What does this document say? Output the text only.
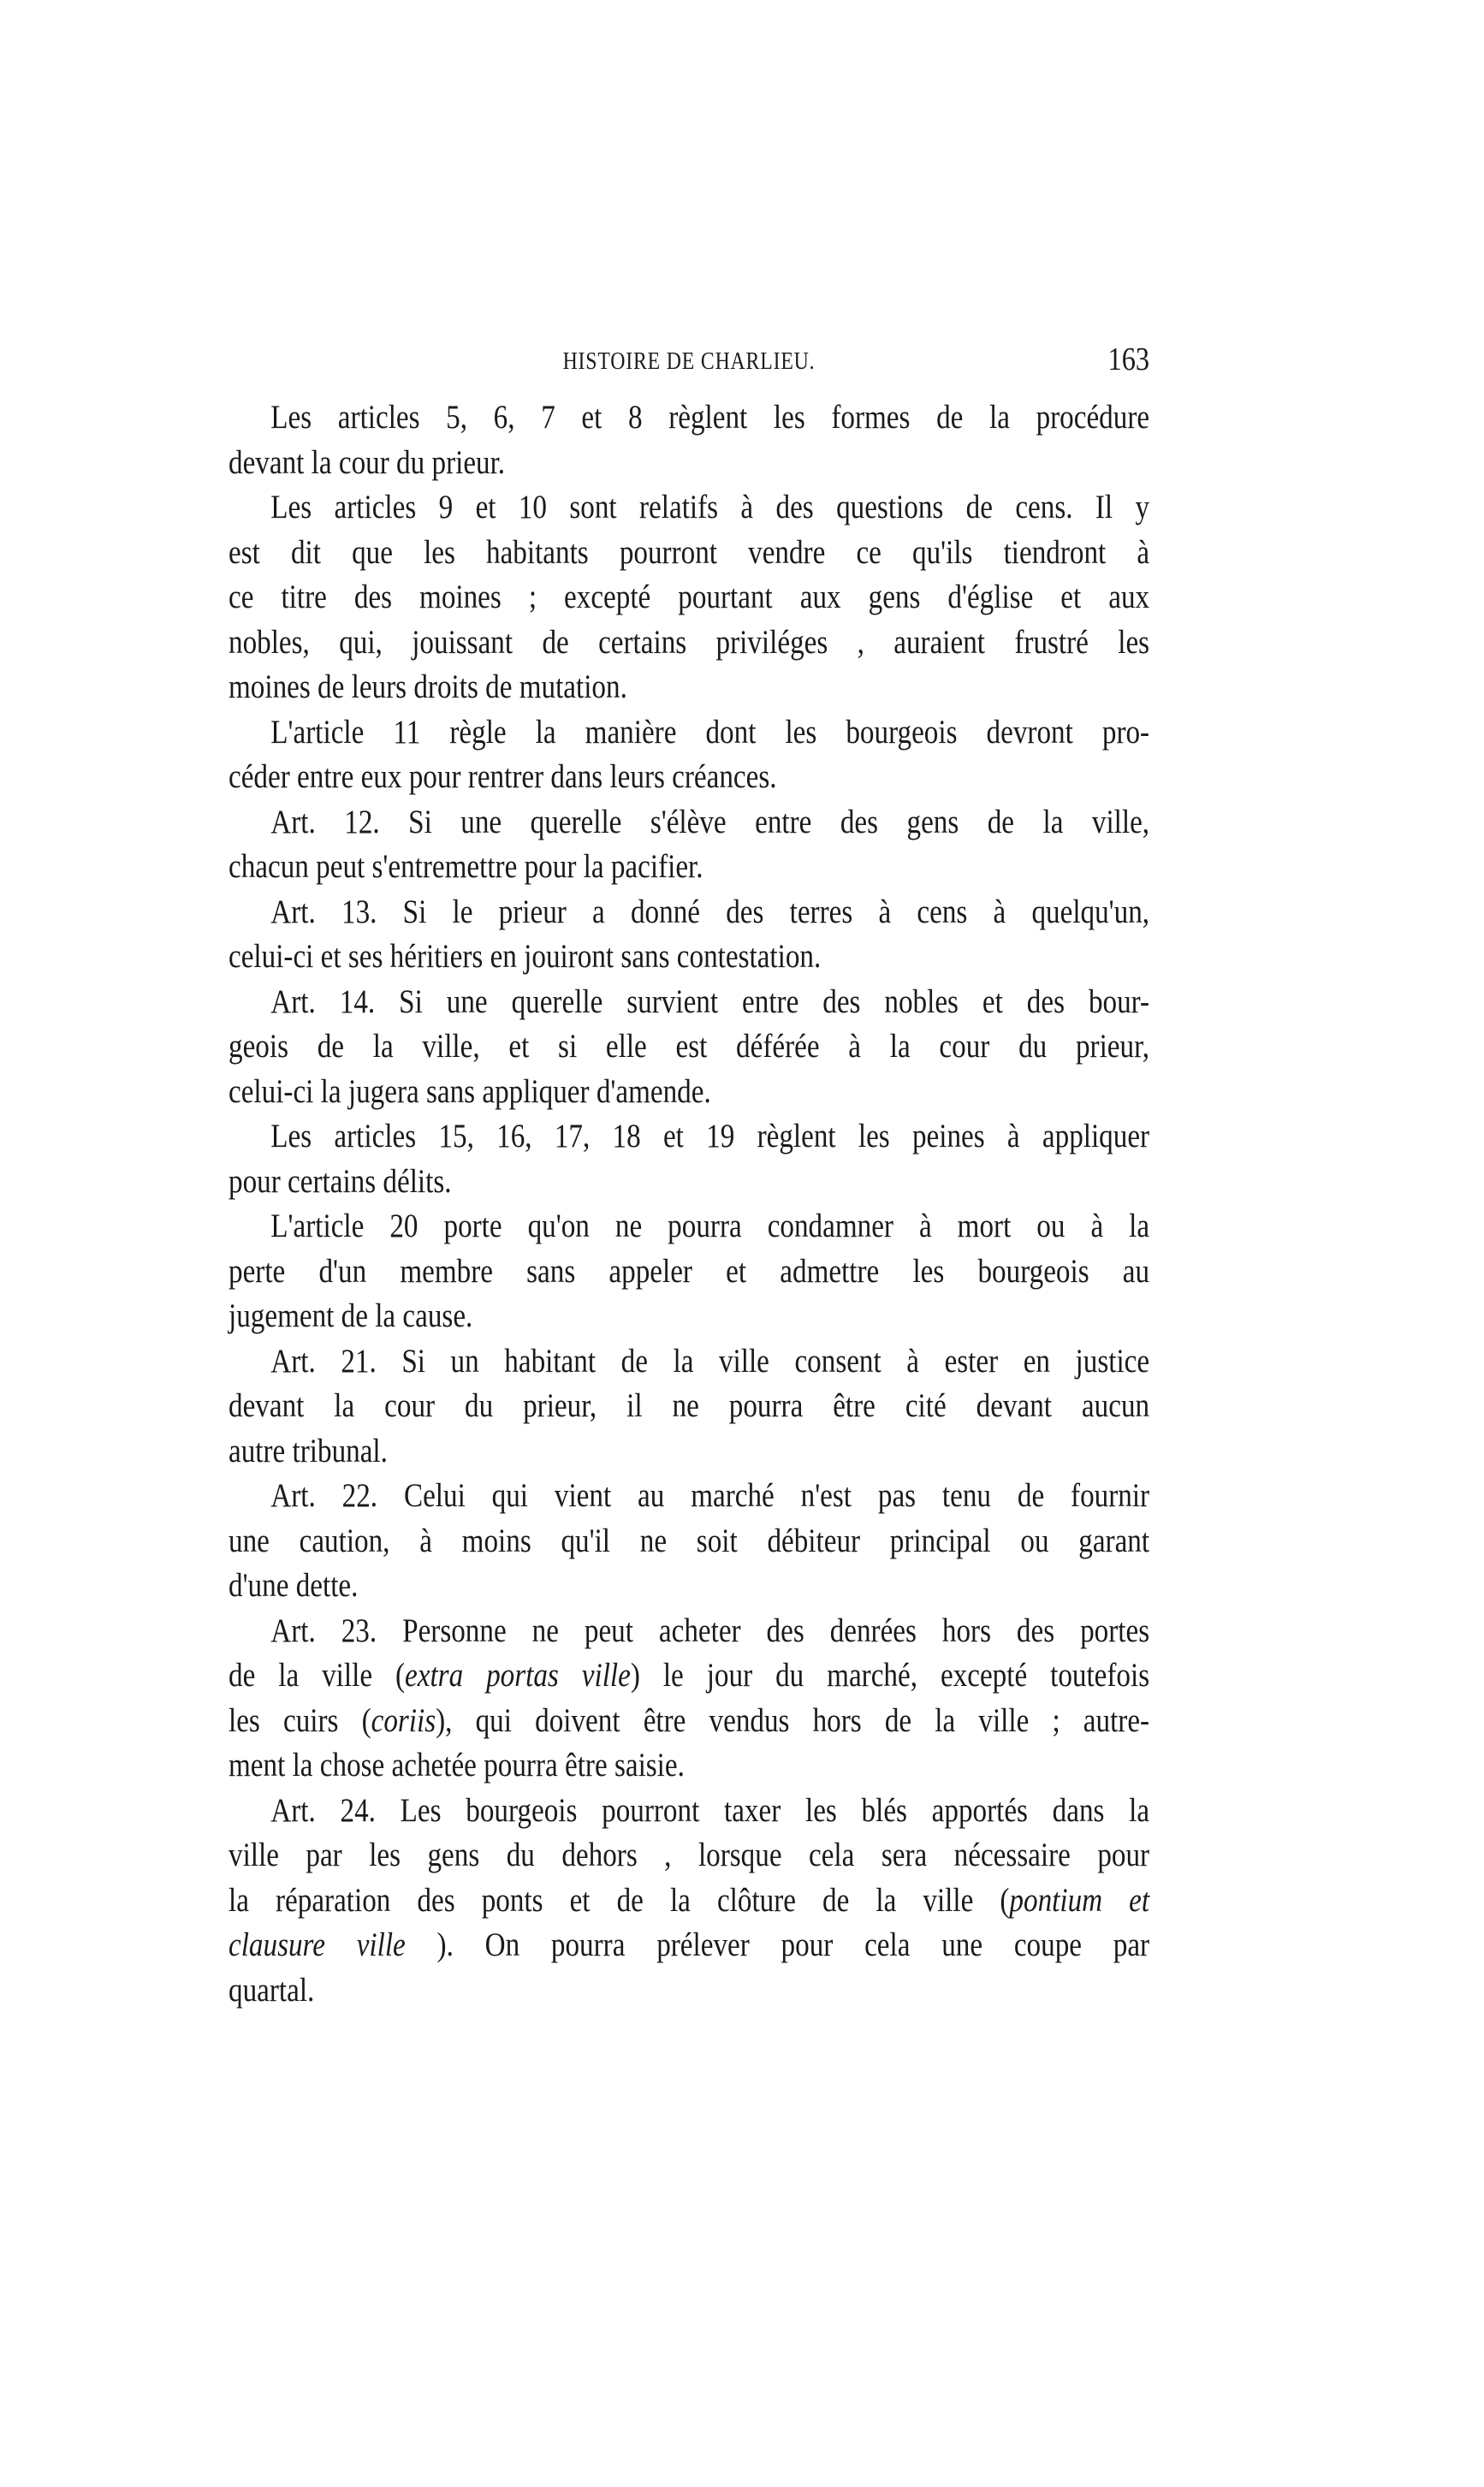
HISTOIRE DE CHARLIEU.	163
Les articles 5, 6, 7 et 8 règlent les formes de la procédure
devant la cour du prieur.
Les articles 9 et 10 sont relatifs à des questions de cens. Il y
est dit que les habitants pourront vendre ce qu'ils tiendront à
ce titre des moines ; excepté pourtant aux gens d'église et aux
nobles, qui, jouissant de certains priviléges , auraient frustré les
moines de leurs droits de mutation.
L'article 11 règle la manière dont les bourgeois devront pro-
céder entre eux pour rentrer dans leurs créances.
Art. 12. Si une querelle s'élève entre des gens de la ville,
chacun peut s'entremettre pour la pacifier.
Art. 13. Si le prieur a donné des terres à cens à quelqu'un,
celui-ci et ses héritiers en jouiront sans contestation.
Art. 14. Si une querelle survient entre des nobles et des bour-
geois de la ville, et si elle est déférée à la cour du prieur,
celui-ci la jugera sans appliquer d'amende.
Les articles 15, 16, 17, 18 et 19 règlent les peines à appliquer
pour certains délits.
L'article 20 porte qu'on ne pourra condamner à mort ou à la
perte d'un membre sans appeler et admettre les bourgeois au
jugement de la cause.
Art. 21. Si un habitant de la ville consent à ester en justice
devant la cour du prieur, il ne pourra être cité devant aucun
autre tribunal.
Art. 22. Celui qui vient au marché n'est pas tenu de fournir
une caution, à moins qu'il ne soit débiteur principal ou garant
d'une dette.
Art. 23. Personne ne peut acheter des denrées hors des portes
de la ville (extra portas ville) le jour du marché, excepté toutefois
les cuirs (coriis), qui doivent être vendus hors de la ville ; autre-
ment la chose achetée pourra être saisie.
Art. 24. Les bourgeois pourront taxer les blés apportés dans la
ville par les gens du dehors , lorsque cela sera nécessaire pour
la réparation des ponts et de la clôture de la ville (pontium et
clausure ville ). On pourra prélever pour cela une coupe par
quartal.
